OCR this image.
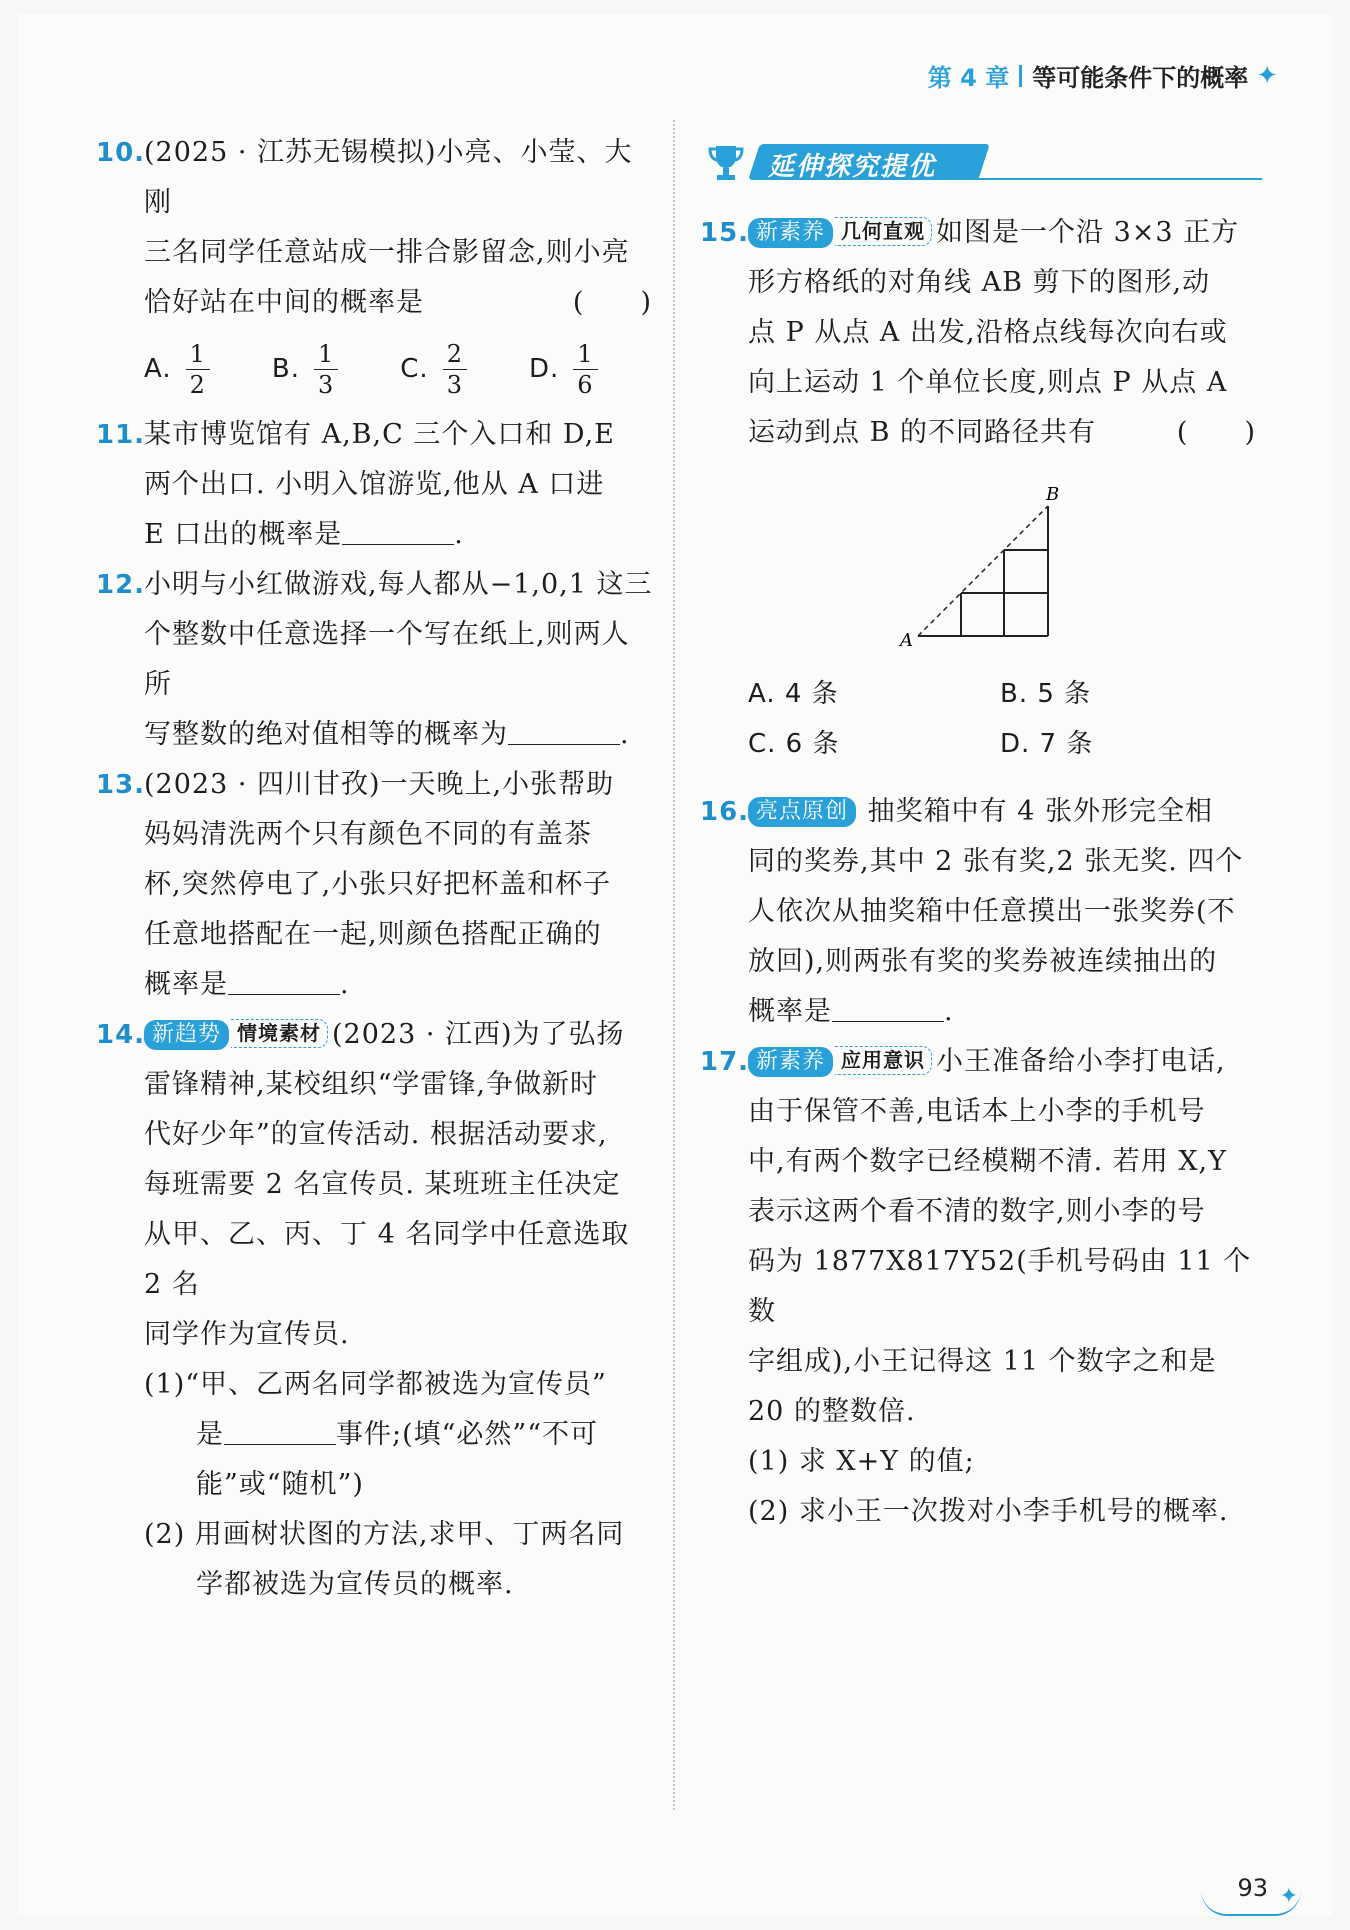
第 4 章 等可能条件下的概率 ✦
10.
(2025 · 江苏无锡模拟)小亮、小莹、大刚
三名同学任意站成一排合影留念,则小亮
恰好站在中间的概率是	(　　)
A. $\frac{1}{2} B$. $\frac{1}{3} C$. $\frac{2}{3} D$. $\frac{1}{6}$
11.
某市博览馆有 A,B,C 三个入口和 D,E
两个出口. 小明入馆游览,他从 A 口进
E 口出的概率是	.
12.
小明与小红做游戏,每人都从−1,0,1 这三
个整数中任意选择一个写在纸上,则两人所
写整数的绝对值相等的概率为	.
13.
(2023 · 四川甘孜)一天晚上,小张帮助
妈妈清洗两个只有颜色不同的有盖茶
杯,突然停电了,小张只好把杯盖和杯子
任意地搭配在一起,则颜色搭配正确的
概率是	.
14. 新趋势 情境素材 (2023 · 江西)为了弘扬
雷锋精神,某校组织“学雷锋,争做新时
代好少年”的宣传活动. 根据活动要求,
每班需要 2 名宣传员. 某班班主任决定
从甲、乙、丙、丁 4 名同学中任意选取 2 名
同学作为宣传员.
(1)“甲、乙两名同学都被选为宣传员”
是	事件;(填“必然”“不可
能”或“随机”)
(2) 用画树状图的方法,求甲、丁两名同
学都被选为宣传员的概率.
延伸探究提优
15. 新素养 几何直观 如图是一个沿 3×3 正方
形方格纸的对角线 AB 剪下的图形,动
点 P 从点 A 出发,沿格点线每次向右或
向上运动 1 个单位长度,则点 P 从点 A
运动到点 B 的不同路径共有	(　　)
A
B
A. 4 条	B. 5 条
C. 6 条	D. 7 条
16. 亮点原创 抽奖箱中有 4 张外形完全相
同的奖券,其中 2 张有奖,2 张无奖. 四个
人依次从抽奖箱中任意摸出一张奖券(不
放回),则两张有奖的奖券被连续抽出的
概率是	.
17. 新素养 应用意识 小王准备给小李打电话,
由于保管不善,电话本上小李的手机号
中,有两个数字已经模糊不清. 若用 X,Y
表示这两个看不清的数字,则小李的号
码为 1877X817Y52(手机号码由 11 个数
字组成),小王记得这 11 个数字之和是
20 的整数倍.
(1) 求 X+Y 的值;
(2) 求小王一次拨对小李手机号的概率.
93 ✦
